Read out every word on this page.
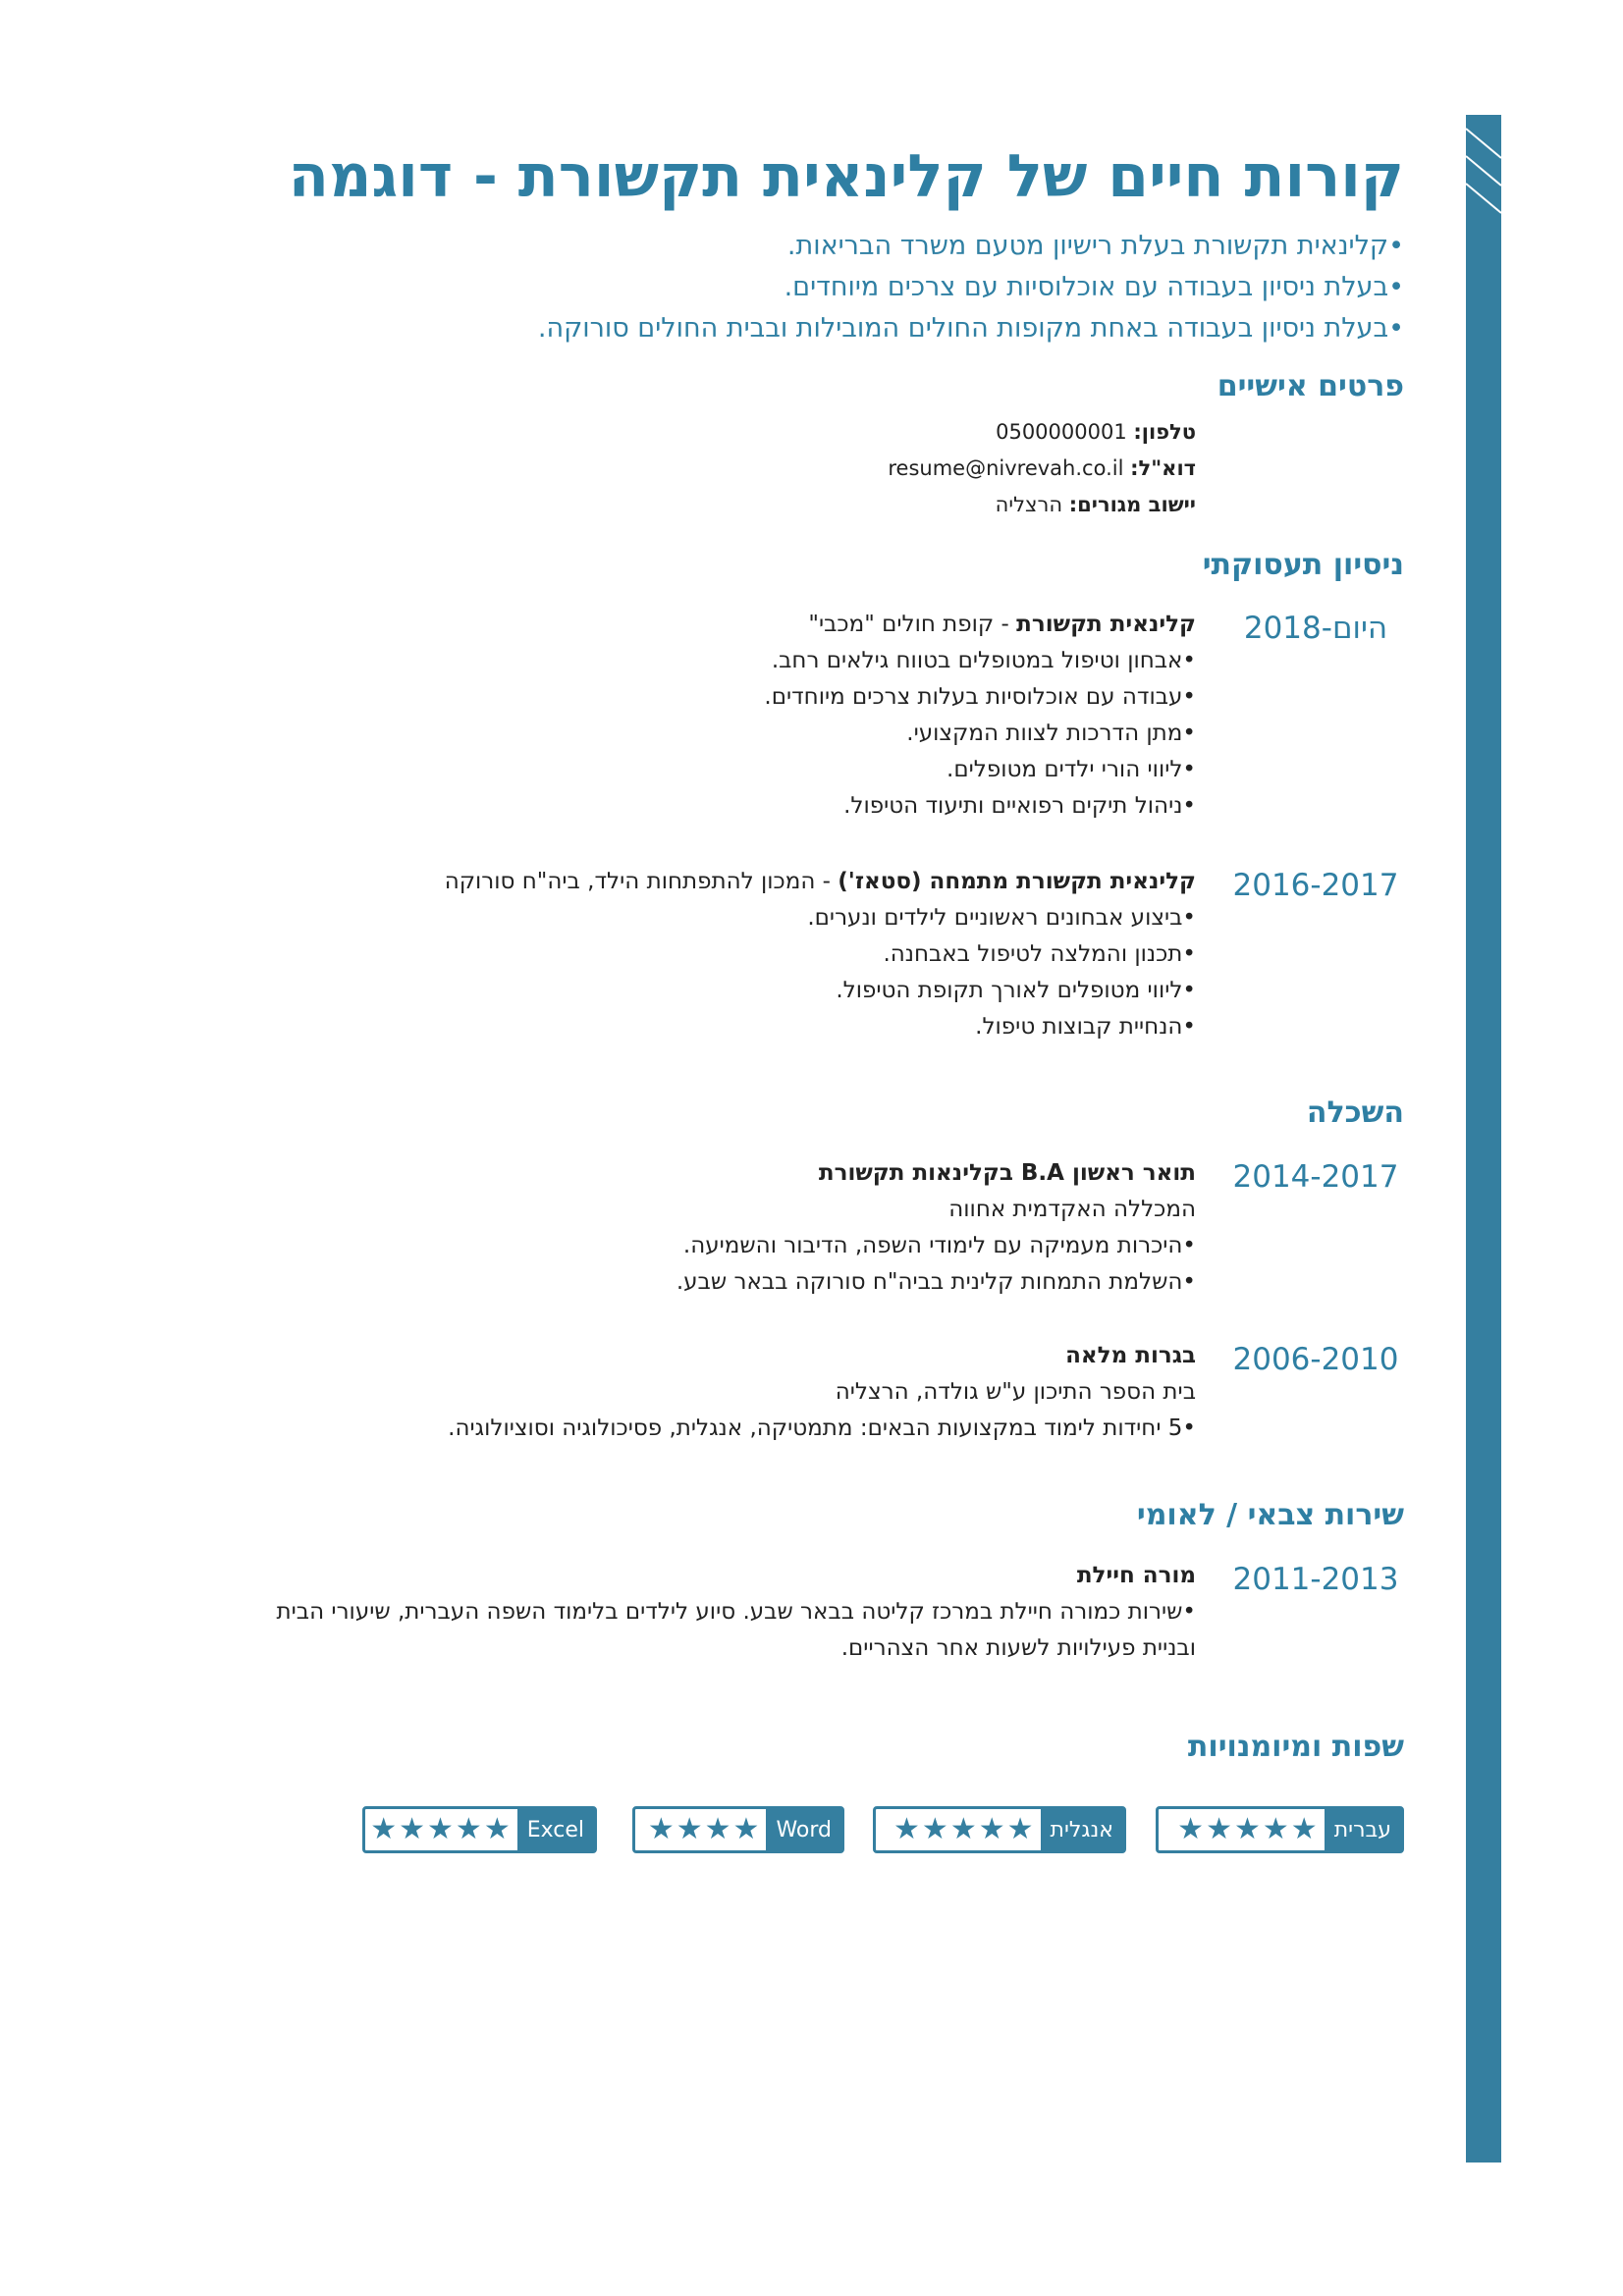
קורות חיים של קלינאית תקשורת - דוגמה
•קלינאית תקשורת בעלת רישיון מטעם משרד הבריאות.
•בעלת ניסיון בעבודה עם אוכלוסיות עם צרכים מיוחדים.
•בעלת ניסיון בעבודה באחת מקופות החולים המובילות ובבית החולים סורוקה.
פרטים אישיים
טלפון: 0500000001
דוא"ל: resume@nivrevah.co.il
יישוב מגורים: הרצליה
ניסיון תעסוקתי
2018-היום
קלינאית תקשורת - קופת חולים "מכבי"
•אבחון וטיפול במטופלים בטווח גילאים רחב.
•עבודה עם אוכלוסיות בעלות צרכים מיוחדים.
•מתן הדרכות לצוות המקצועי.
•ליווי הורי ילדים מטופלים.
•ניהול תיקים רפואיים ותיעוד הטיפול.
2016-2017
קלינאית תקשורת מתמחה (סטאז') - המכון להתפתחות הילד, ביה"ח סורוקה
•ביצוע אבחונים ראשוניים לילדים ונערים.
•תכנון והמלצה לטיפול באבחנה.
•ליווי מטופלים לאורך תקופת הטיפול.
•הנחיית קבוצות טיפול.
השכלה
2014-2017
תואר ראשון B.A בקלינאות תקשורת
המכללה האקדמית אחווה
•היכרות מעמיקה עם לימודי השפה, הדיבור והשמיעה.
•השלמת התמחות קלינית בביה"ח סורוקה בבאר שבע.
2006-2010
בגרות מלאה
בית הספר התיכון ע"ש גולדה, הרצליה
•5 יחידות לימוד במקצועות הבאים: מתמטיקה, אנגלית, פסיכולוגיה וסוציולוגיה.
שירות צבאי / לאומי
2011-2013
מורה חיילת
•שירות כמורה חיילת במרכז קליטה בבאר שבע. סיוע לילדים בלימוד השפה העברית, שיעורי הבית ובניית פעילויות לשעות אחר הצהריים.
שפות ומיומנויות
עברית
★ ★ ★ ★ ★
אנגלית
★ ★ ★ ★ ★
Word
★ ★ ★ ★
Excel
★ ★ ★ ★ ★
